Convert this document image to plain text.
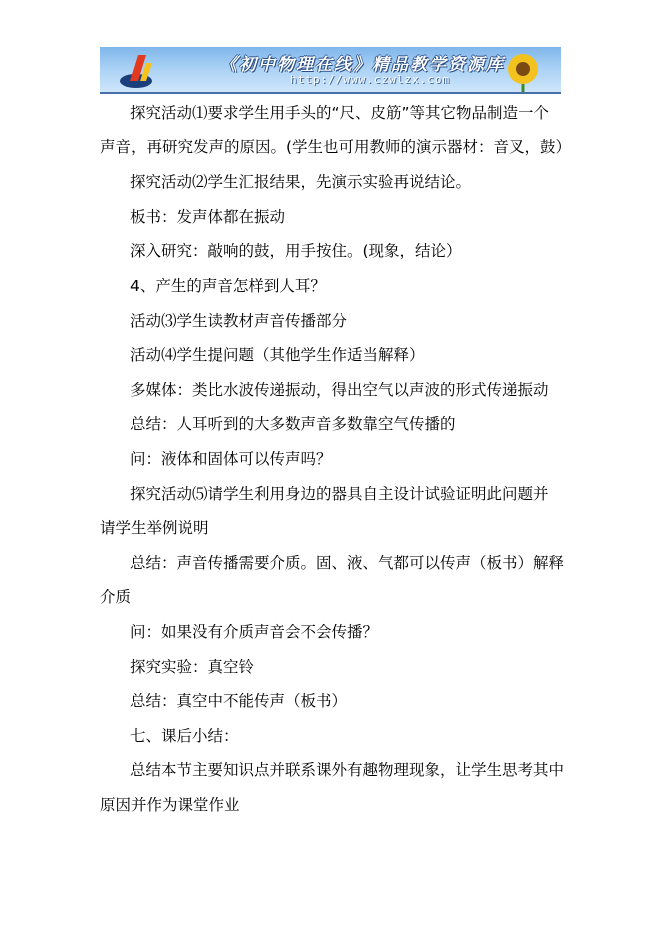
《初中物理在线》精品教学资源库
http://www.czwlzx.com
探究活动⑴要求学生用手头的“尺、皮筋”等其它物品制造一个
声音，再研究发声的原因。(学生也可用教师的演示器材：音叉，鼓）
探究活动⑵学生汇报结果，先演示实验再说结论。
板书：发声体都在振动
深入研究：敲响的鼓，用手按住。(现象，结论）
4、产生的声音怎样到人耳？
活动⑶学生读教材声音传播部分
活动⑷学生提问题（其他学生作适当解释）
多媒体：类比水波传递振动，得出空气以声波的形式传递振动
总结：人耳听到的大多数声音多数靠空气传播的
问：液体和固体可以传声吗？
探究活动⑸请学生利用身边的器具自主设计试验证明此问题并
请学生举例说明
总结：声音传播需要介质。固、液、气都可以传声（板书）解释
介质
问：如果没有介质声音会不会传播？
探究实验：真空铃
总结：真空中不能传声（板书）
七、课后小结：
总结本节主要知识点并联系课外有趣物理现象，让学生思考其中
原因并作为课堂作业
